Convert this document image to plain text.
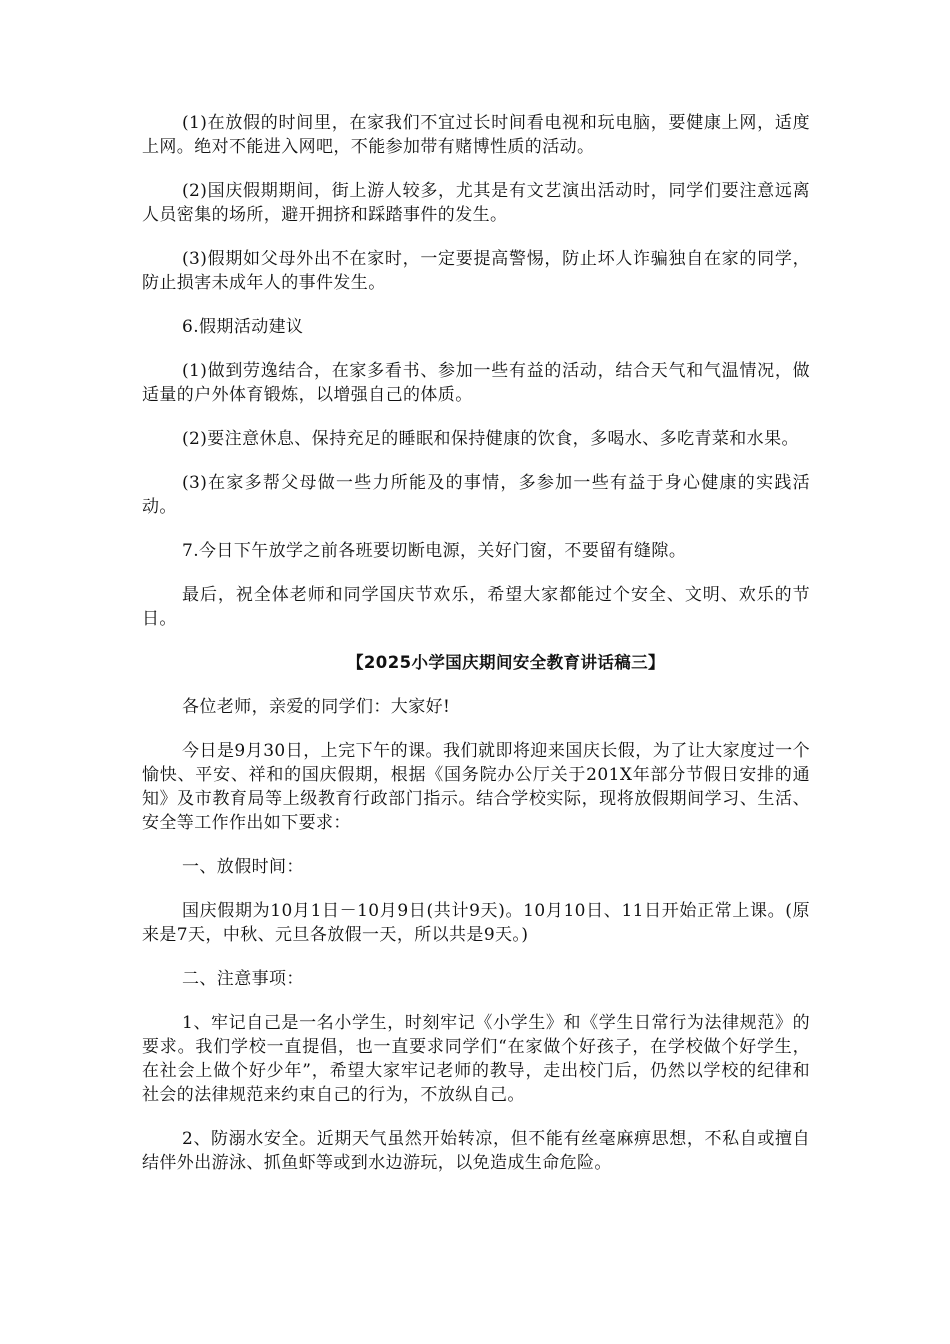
(1)在放假的时间里，在家我们不宜过长时间看电视和玩电脑，要健康上网，适度上网。绝对不能进入网吧，不能参加带有赌博性质的活动。

(2)国庆假期期间，街上游人较多，尤其是有文艺演出活动时，同学们要注意远离人员密集的场所，避开拥挤和踩踏事件的发生。

(3)假期如父母外出不在家时，一定要提高警惕，防止坏人诈骗独自在家的同学，防止损害未成年人的事件发生。

6.假期活动建议

(1)做到劳逸结合，在家多看书、参加一些有益的活动，结合天气和气温情况，做适量的户外体育锻炼，以增强自己的体质。

(2)要注意休息、保持充足的睡眠和保持健康的饮食，多喝水、多吃青菜和水果。

(3)在家多帮父母做一些力所能及的事情，多参加一些有益于身心健康的实践活动。

7.今日下午放学之前各班要切断电源，关好门窗，不要留有缝隙。

最后，祝全体老师和同学国庆节欢乐，希望大家都能过个安全、文明、欢乐的节日。

【2025小学国庆期间安全教育讲话稿三】

各位老师，亲爱的同学们：大家好!

今日是9月30日，上完下午的课。我们就即将迎来国庆长假，为了让大家度过一个愉快、平安、祥和的国庆假期，根据《国务院办公厅关于201X年部分节假日安排的通知》及市教育局等上级教育行政部门指示。结合学校实际，现将放假期间学习、生活、安全等工作作出如下要求：

一、放假时间：

国庆假期为10月1日－10月9日(共计9天)。10月10日、11日开始正常上课。(原来是7天，中秋、元旦各放假一天，所以共是9天。)

二、注意事项：

1、牢记自己是一名小学生，时刻牢记《小学生》和《学生日常行为法律规范》的要求。我们学校一直提倡，也一直要求同学们“在家做个好孩子，在学校做个好学生，在社会上做个好少年”，希望大家牢记老师的教导，走出校门后，仍然以学校的纪律和社会的法律规范来约束自己的行为，不放纵自己。

2、防溺水安全。近期天气虽然开始转凉，但不能有丝毫麻痹思想，不私自或擅自结伴外出游泳、抓鱼虾等或到水边游玩，以免造成生命危险。
